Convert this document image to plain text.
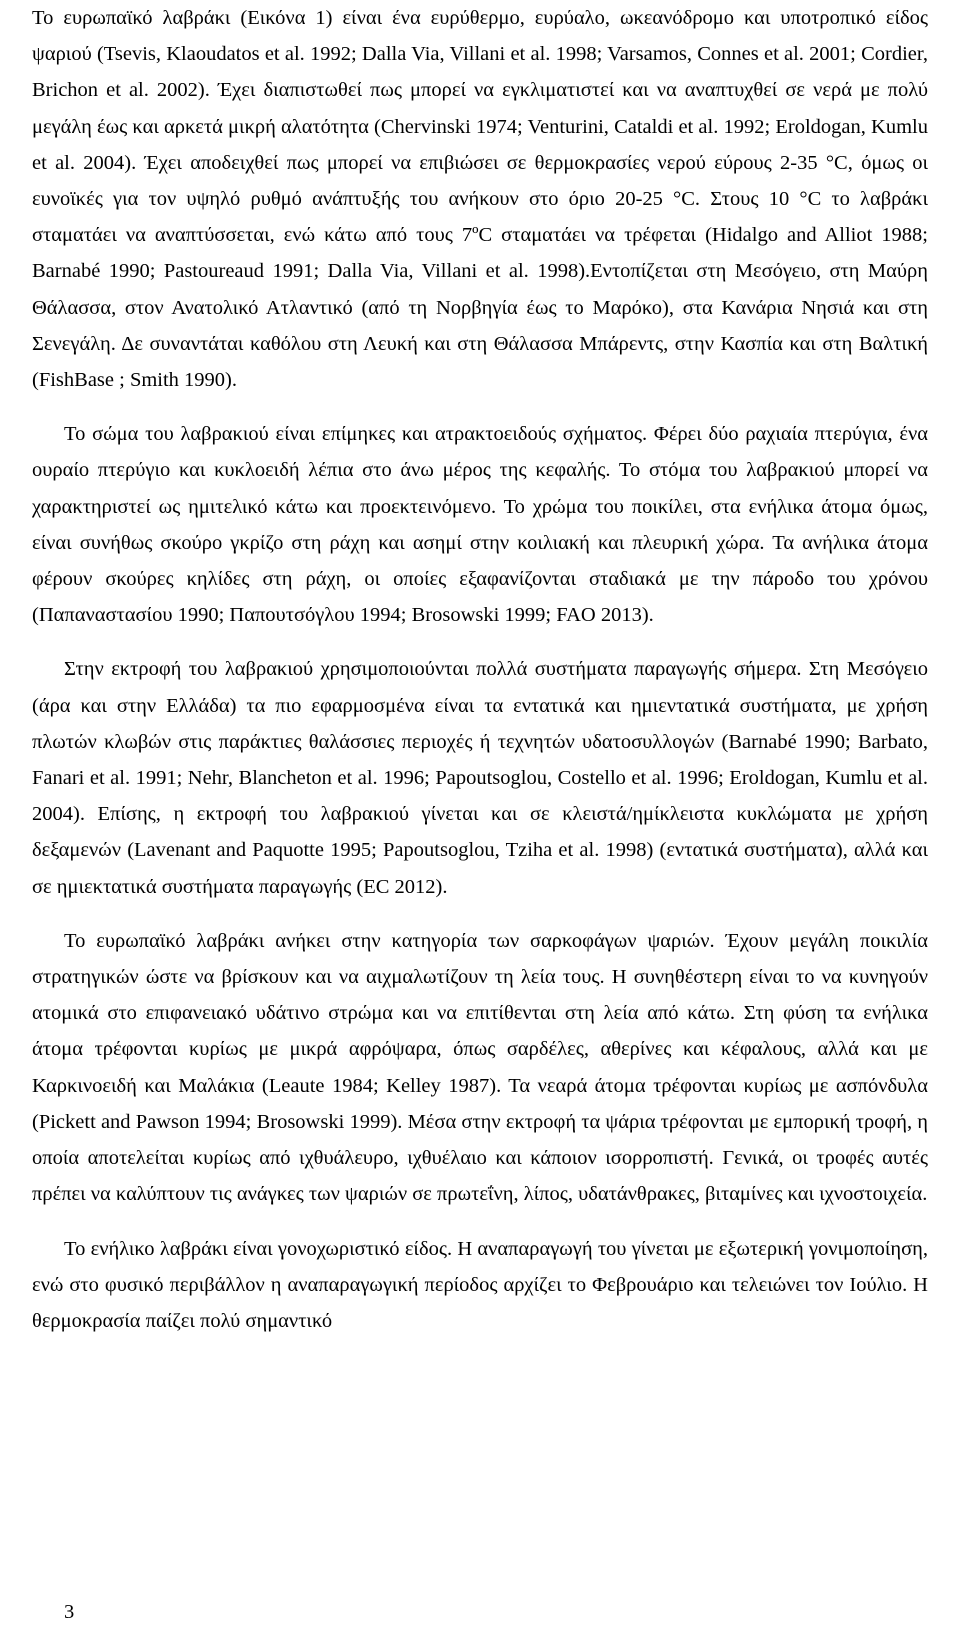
Το ευρωπαϊκό λαβράκι (Εικόνα 1) είναι ένα ευρύθερμο, ευρύαλο, ωκεανόδρομο και υποτροπικό είδος ψαριού (Tsevis, Klaoudatos et al. 1992; Dalla Via, Villani et al. 1998; Varsamos, Connes et al. 2001; Cordier, Brichon et al. 2002). Έχει διαπιστωθεί πως μπορεί να εγκλιματιστεί και να αναπτυχθεί σε νερά με πολύ μεγάλη έως και αρκετά μικρή αλατότητα (Chervinski 1974; Venturini, Cataldi et al. 1992; Eroldogan, Kumlu et al. 2004). Έχει αποδειχθεί πως μπορεί να επιβιώσει σε θερμοκρασίες νερού εύρους 2-35 °C, όμως οι ευνοϊκές για τον υψηλό ρυθμό ανάπτυξής του ανήκουν στο όριο 20-25 °C. Στους 10 °C το λαβράκι σταματάει να αναπτύσσεται, ενώ κάτω από τους 7ºC σταματάει να τρέφεται (Hidalgo and Alliot 1988; Barnabé 1990; Pastoureaud 1991; Dalla Via, Villani et al. 1998).Εντοπίζεται στη Μεσόγειο, στη Μαύρη Θάλασσα, στον Ανατολικό Ατλαντικό (από τη Νορβηγία έως το Μαρόκο), στα Κανάρια Νησιά και στη Σενεγάλη. Δε συναντάται καθόλου στη Λευκή και στη Θάλασσα Μπάρεντς, στην Κασπία και στη Βαλτική (FishBase ; Smith 1990).

Το σώμα του λαβρακιού είναι επίμηκες και ατρακτοειδούς σχήματος. Φέρει δύο ραχιαία πτερύγια, ένα ουραίο πτερύγιο και κυκλοειδή λέπια στο άνω μέρος της κεφαλής. Το στόμα του λαβρακιού μπορεί να χαρακτηριστεί ως ημιτελικό κάτω και προεκτεινόμενο. Το χρώμα του ποικίλει, στα ενήλικα άτομα όμως, είναι συνήθως σκούρο γκρίζο στη ράχη και ασημί στην κοιλιακή και πλευρική χώρα. Τα ανήλικα άτομα φέρουν σκούρες κηλίδες στη ράχη, οι οποίες εξαφανίζονται σταδιακά με την πάροδο του χρόνου (Παπαναστασίου 1990; Παπουτσόγλου 1994; Brosowski 1999; FAO 2013).

Στην εκτροφή του λαβρακιού χρησιμοποιούνται πολλά συστήματα παραγωγής σήμερα. Στη Μεσόγειο (άρα και στην Ελλάδα) τα πιο εφαρμοσμένα είναι τα εντατικά και ημιεντατικά συστήματα, με χρήση πλωτών κλωβών στις παράκτιες θαλάσσιες περιοχές ή τεχνητών υδατοσυλλογών (Barnabé 1990; Barbato, Fanari et al. 1991; Nehr, Blancheton et al. 1996; Papoutsoglou, Costello et al. 1996; Eroldogan, Kumlu et al. 2004). Επίσης, η εκτροφή του λαβρακιού γίνεται και σε κλειστά/ημίκλειστα κυκλώματα με χρήση δεξαμενών (Lavenant and Paquotte 1995; Papoutsoglou, Tziha et al. 1998) (εντατικά συστήματα), αλλά και σε ημιεκτατικά συστήματα παραγωγής (EC 2012).

Το ευρωπαϊκό λαβράκι ανήκει στην κατηγορία των σαρκοφάγων ψαριών. Έχουν μεγάλη ποικιλία στρατηγικών ώστε να βρίσκουν και να αιχμαλωτίζουν τη λεία τους. Η συνηθέστερη είναι το να κυνηγούν ατομικά στο επιφανειακό υδάτινο στρώμα και να επιτίθενται στη λεία από κάτω. Στη φύση τα ενήλικα άτομα τρέφονται κυρίως με μικρά αφρόψαρα, όπως σαρδέλες, αθερίνες και κέφαλους, αλλά και με Καρκινοειδή και Μαλάκια (Leaute 1984; Kelley 1987). Τα νεαρά άτομα τρέφονται κυρίως με ασπόνδυλα (Pickett and Pawson 1994; Brosowski 1999). Μέσα στην εκτροφή τα ψάρια τρέφονται με εμπορική τροφή, η οποία αποτελείται κυρίως από ιχθυάλευρο, ιχθυέλαιο και κάποιον ισορροπιστή. Γενικά, οι τροφές αυτές πρέπει να καλύπτουν τις ανάγκες των ψαριών σε πρωτεΐνη, λίπος, υδατάνθρακες, βιταμίνες και ιχνοστοιχεία.

Το ενήλικο λαβράκι είναι γονοχωριστικό είδος. Η αναπαραγωγή του γίνεται με εξωτερική γονιμοποίηση, ενώ στο φυσικό περιβάλλον η αναπαραγωγική περίοδος αρχίζει το Φεβρουάριο και τελειώνει τον Ιούλιο. Η θερμοκρασία παίζει πολύ σημαντικό

3
